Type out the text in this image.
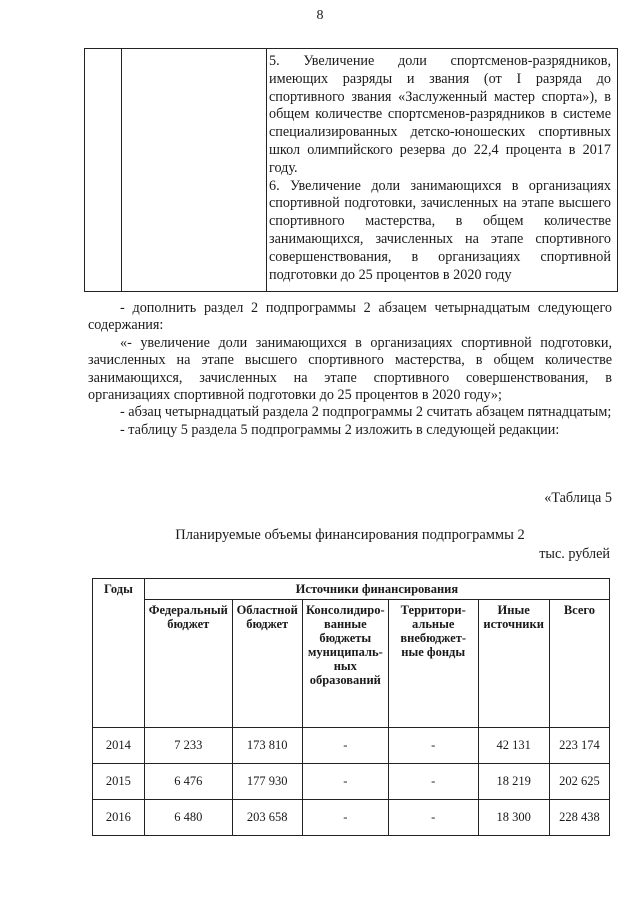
8

5. Увеличение доли спортсменов-разрядников, имеющих разряды и звания (от I разряда до спортивного звания «Заслуженный мастер спорта»), в общем количестве спортсменов-разрядников в системе специализированных детско-юношеских спортивных школ олимпийского резерва до 22,4 процента в 2017 году.

6. Увеличение доли занимающихся в организациях спортивной подготовки, зачисленных на этапе высшего спортивного мастерства, в общем количестве занимающихся, зачисленных на этапе спортивного совершенствования, в организациях спортивной подготовки до 25 процентов в 2020 году

- дополнить раздел 2 подпрограммы 2 абзацем четырнадцатым следующего содержания:

«- увеличение доли занимающихся в организациях спортивной подготовки, зачисленных на этапе высшего спортивного мастерства, в общем количестве занимающихся, зачисленных на этапе спортивного совершенствования, в организациях спортивной подготовки до 25 процентов в 2020 году»;

- абзац четырнадцатый раздела 2 подпрограммы 2 считать абзацем пятнадцатым;

- таблицу 5 раздела 5 подпрограммы 2 изложить в следующей редакции:

«Таблица 5
Планируемые объемы финансирования подпрограммы 2
тыс. рублей
Годы	Источники финансирования					
	Федеральный бюджет	Областной бюджет	Консолидиро-ванные бюджеты муниципаль-ных образований	Территори-альные внебюджет-ные фонды	Иные источники	Всего
2014	7 233	173 810	-	-	42 131	223 174
2015	6 476	177 930	-	-	18 219	202 625
2016	6 480	203 658	-	-	18 300	228 438
